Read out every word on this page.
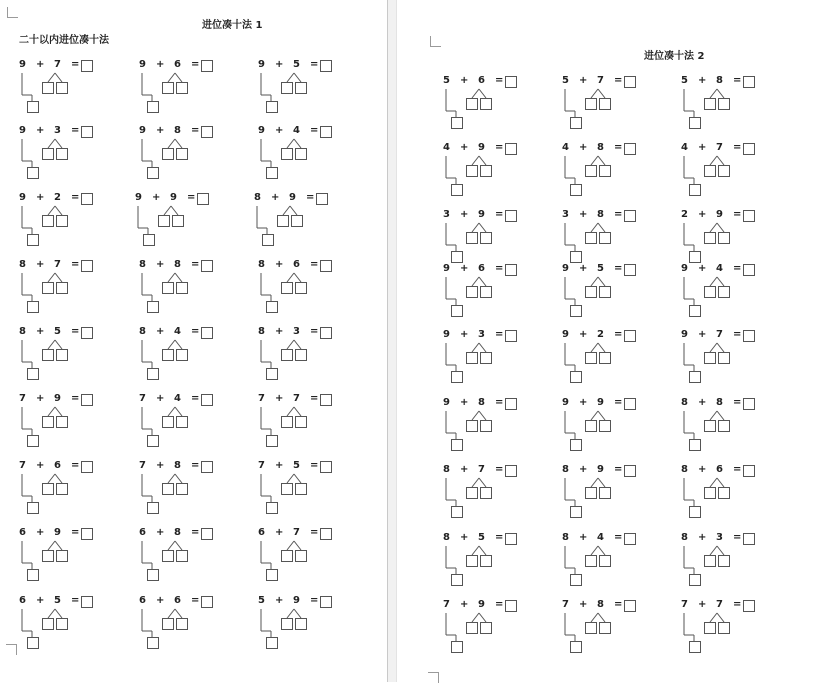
进位凑十法 1
二十以内进位凑十法
9 + 7 =	9 + 6 =	9 + 5 =
9 + 3 =	9 + 8 =	9 + 4 =
9 + 2 =	9 + 9 =	8 + 9 =
8 + 7 =	8 + 8 =	8 + 6 =
8 + 5 =	8 + 4 =	8 + 3 =
7 + 9 =	7 + 4 =	7 + 7 =
7 + 6 =	7 + 8 =	7 + 5 =
6 + 9 =	6 + 8 =	6 + 7 =
6 + 5 =	6 + 6 =	5 + 9 =
进位凑十法 2
5 + 6 =	5 + 7 =	5 + 8 =
4 + 9 =	4 + 8 =	4 + 7 =
3 + 9 =	3 + 8 =	2 + 9 =
9 + 6 =	9 + 5 =	9 + 4 =
9 + 3 =	9 + 2 =	9 + 7 =
9 + 8 =	9 + 9 =	8 + 8 =
8 + 7 =	8 + 9 =	8 + 6 =
8 + 5 =	8 + 4 =	8 + 3 =
7 + 9 =	7 + 8 =	7 + 7 =
